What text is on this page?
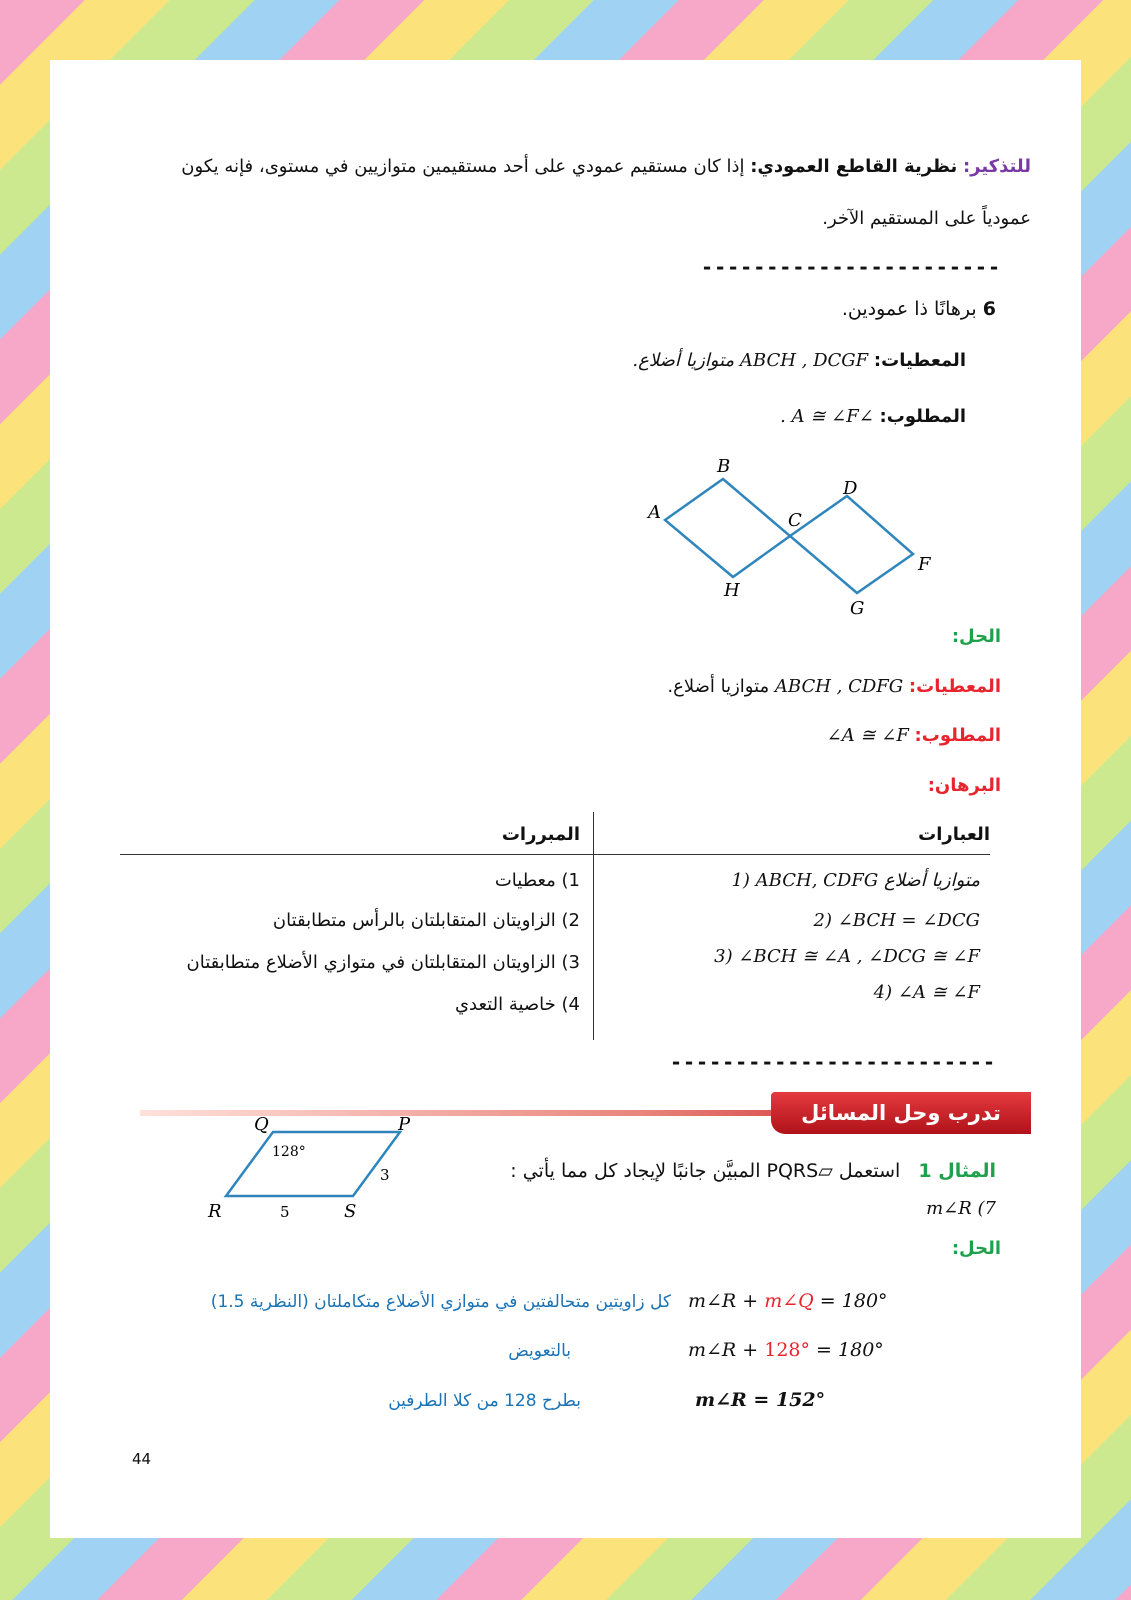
للتذكير: نظرية القاطع العمودي: إذا كان مستقيم عمودي على أحد مستقيمين متوازيين في مستوى، فإنه يكون
عمودياً على المستقيم الآخر.
-----------------------
6 برهانًا ذا عمودين.
المعطيات: ABCH , DCGF متوازيا أضلاع.
المطلوب: ∠A ≅ ∠F .
A
B
C
D
F
G
H
الحل:
المعطيات: ABCH , CDFG متوازيا أضلاع.
المطلوب: ∠A ≅ ∠F
البرهان:
العبارات
المبررات
1) ABCH, CDFG متوازيا أضلاع
2) ∠BCH = ∠DCG
3) ∠BCH ≅ ∠A , ∠DCG ≅ ∠F
4) ∠A ≅ ∠F
1) معطيات
2) الزاويتان المتقابلتان بالرأس متطابقتان
3) الزاويتان المتقابلتان في متوازي الأضلاع متطابقتان
4) خاصية التعدي
-------------------------
تدرب وحل المسائل
Q	P
R	S
128°
3
5
المثال 1 استعمل ▱PQRS المبيَّن جانبًا لإيجاد كل مما يأتي :
m∠R (7
الحل:
m∠R + m∠Q = 180°
كل زاويتين متحالفتين في متوازي الأضلاع متكاملتان (النظرية 1.5)
m∠R + 128° = 180°
بالتعويض
m∠R = 152°
بطرح 128 من كلا الطرفين
44
